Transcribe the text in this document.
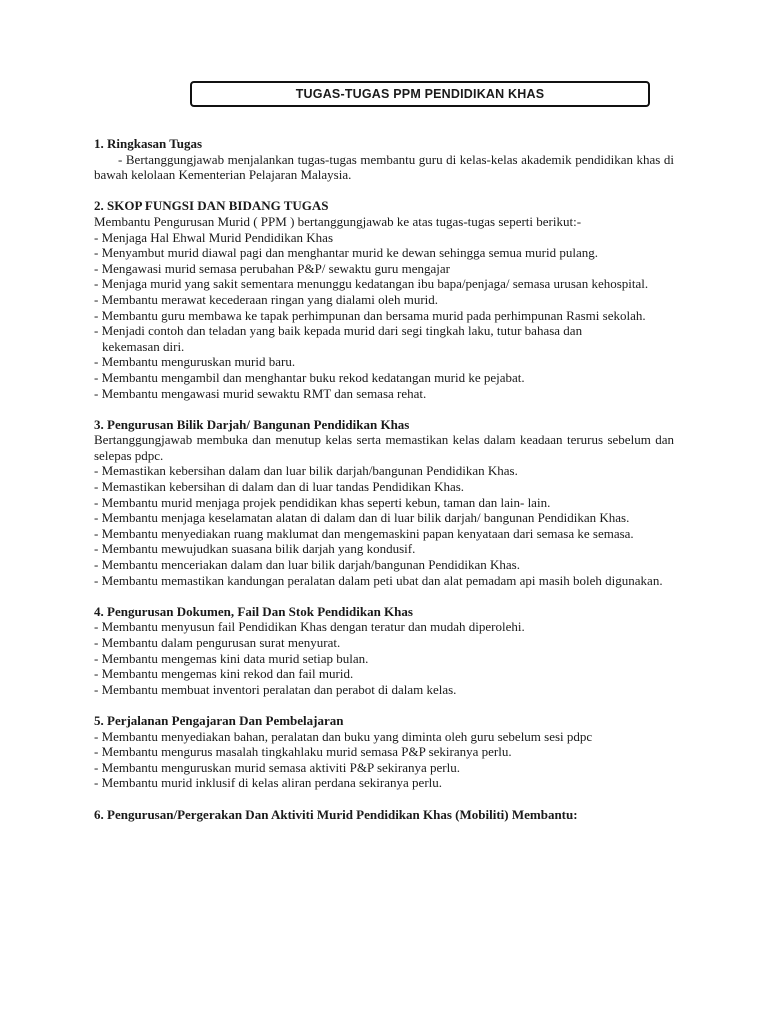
TUGAS-TUGAS PPM PENDIDIKAN KHAS
1. Ringkasan Tugas

- Bertanggungjawab menjalankan tugas-tugas membantu guru di kelas-kelas akademik pendidikan khas di bawah kelolaan Kementerian Pelajaran Malaysia.

2. SKOP FUNGSI DAN BIDANG TUGAS

Membantu Pengurusan Murid ( PPM ) bertanggungjawab ke atas tugas-tugas seperti berikut:-

- Menjaga Hal Ehwal Murid Pendidikan Khas

- Menyambut murid diawal pagi dan menghantar murid ke dewan sehingga semua murid pulang.

- Mengawasi murid semasa perubahan P&P/ sewaktu guru mengajar

- Menjaga murid yang sakit sementara menunggu kedatangan ibu bapa/penjaga/ semasa urusan kehospital.

- Membantu merawat kecederaan ringan yang dialami oleh murid.

- Membantu guru membawa ke tapak perhimpunan dan bersama murid pada perhimpunan Rasmi sekolah.

- Menjadi contoh dan teladan yang baik kepada murid dari segi tingkah laku, tutur bahasa dan

kekemasan diri.

- Membantu menguruskan murid baru.

- Membantu mengambil dan menghantar buku rekod kedatangan murid ke pejabat.

- Membantu mengawasi murid sewaktu RMT dan semasa rehat.

3. Pengurusan Bilik Darjah/ Bangunan Pendidikan Khas

Bertanggungjawab membuka dan menutup kelas serta memastikan kelas dalam keadaan terurus sebelum dan selepas pdpc.

- Memastikan kebersihan dalam dan luar bilik darjah/bangunan Pendidikan Khas.

- Memastikan kebersihan di dalam dan di luar tandas Pendidikan Khas.

- Membantu murid menjaga projek pendidikan khas seperti kebun, taman dan lain- lain.

- Membantu menjaga keselamatan alatan di dalam dan di luar bilik darjah/ bangunan Pendidikan Khas.

- Membantu menyediakan ruang maklumat dan mengemaskini papan kenyataan dari semasa ke semasa.

- Membantu mewujudkan suasana bilik darjah yang kondusif.

- Membantu menceriakan dalam dan luar bilik darjah/bangunan Pendidikan Khas.

- Membantu memastikan kandungan peralatan dalam peti ubat dan alat pemadam api masih boleh digunakan.

4. Pengurusan Dokumen, Fail Dan Stok Pendidikan Khas

- Membantu menyusun fail Pendidikan Khas dengan teratur dan mudah diperolehi.

- Membantu dalam pengurusan surat menyurat.

- Membantu mengemas kini data murid setiap bulan.

- Membantu mengemas kini rekod dan fail murid.

- Membantu membuat inventori peralatan dan perabot di dalam kelas.

5. Perjalanan Pengajaran Dan Pembelajaran

- Membantu menyediakan bahan, peralatan dan buku yang diminta oleh guru sebelum sesi pdpc

- Membantu mengurus masalah tingkahlaku murid semasa P&P sekiranya perlu.

- Membantu menguruskan murid semasa aktiviti P&P sekiranya perlu.

- Membantu murid inklusif di kelas aliran perdana sekiranya perlu.

6. Pengurusan/Pergerakan Dan Aktiviti Murid Pendidikan Khas (Mobiliti) Membantu:
